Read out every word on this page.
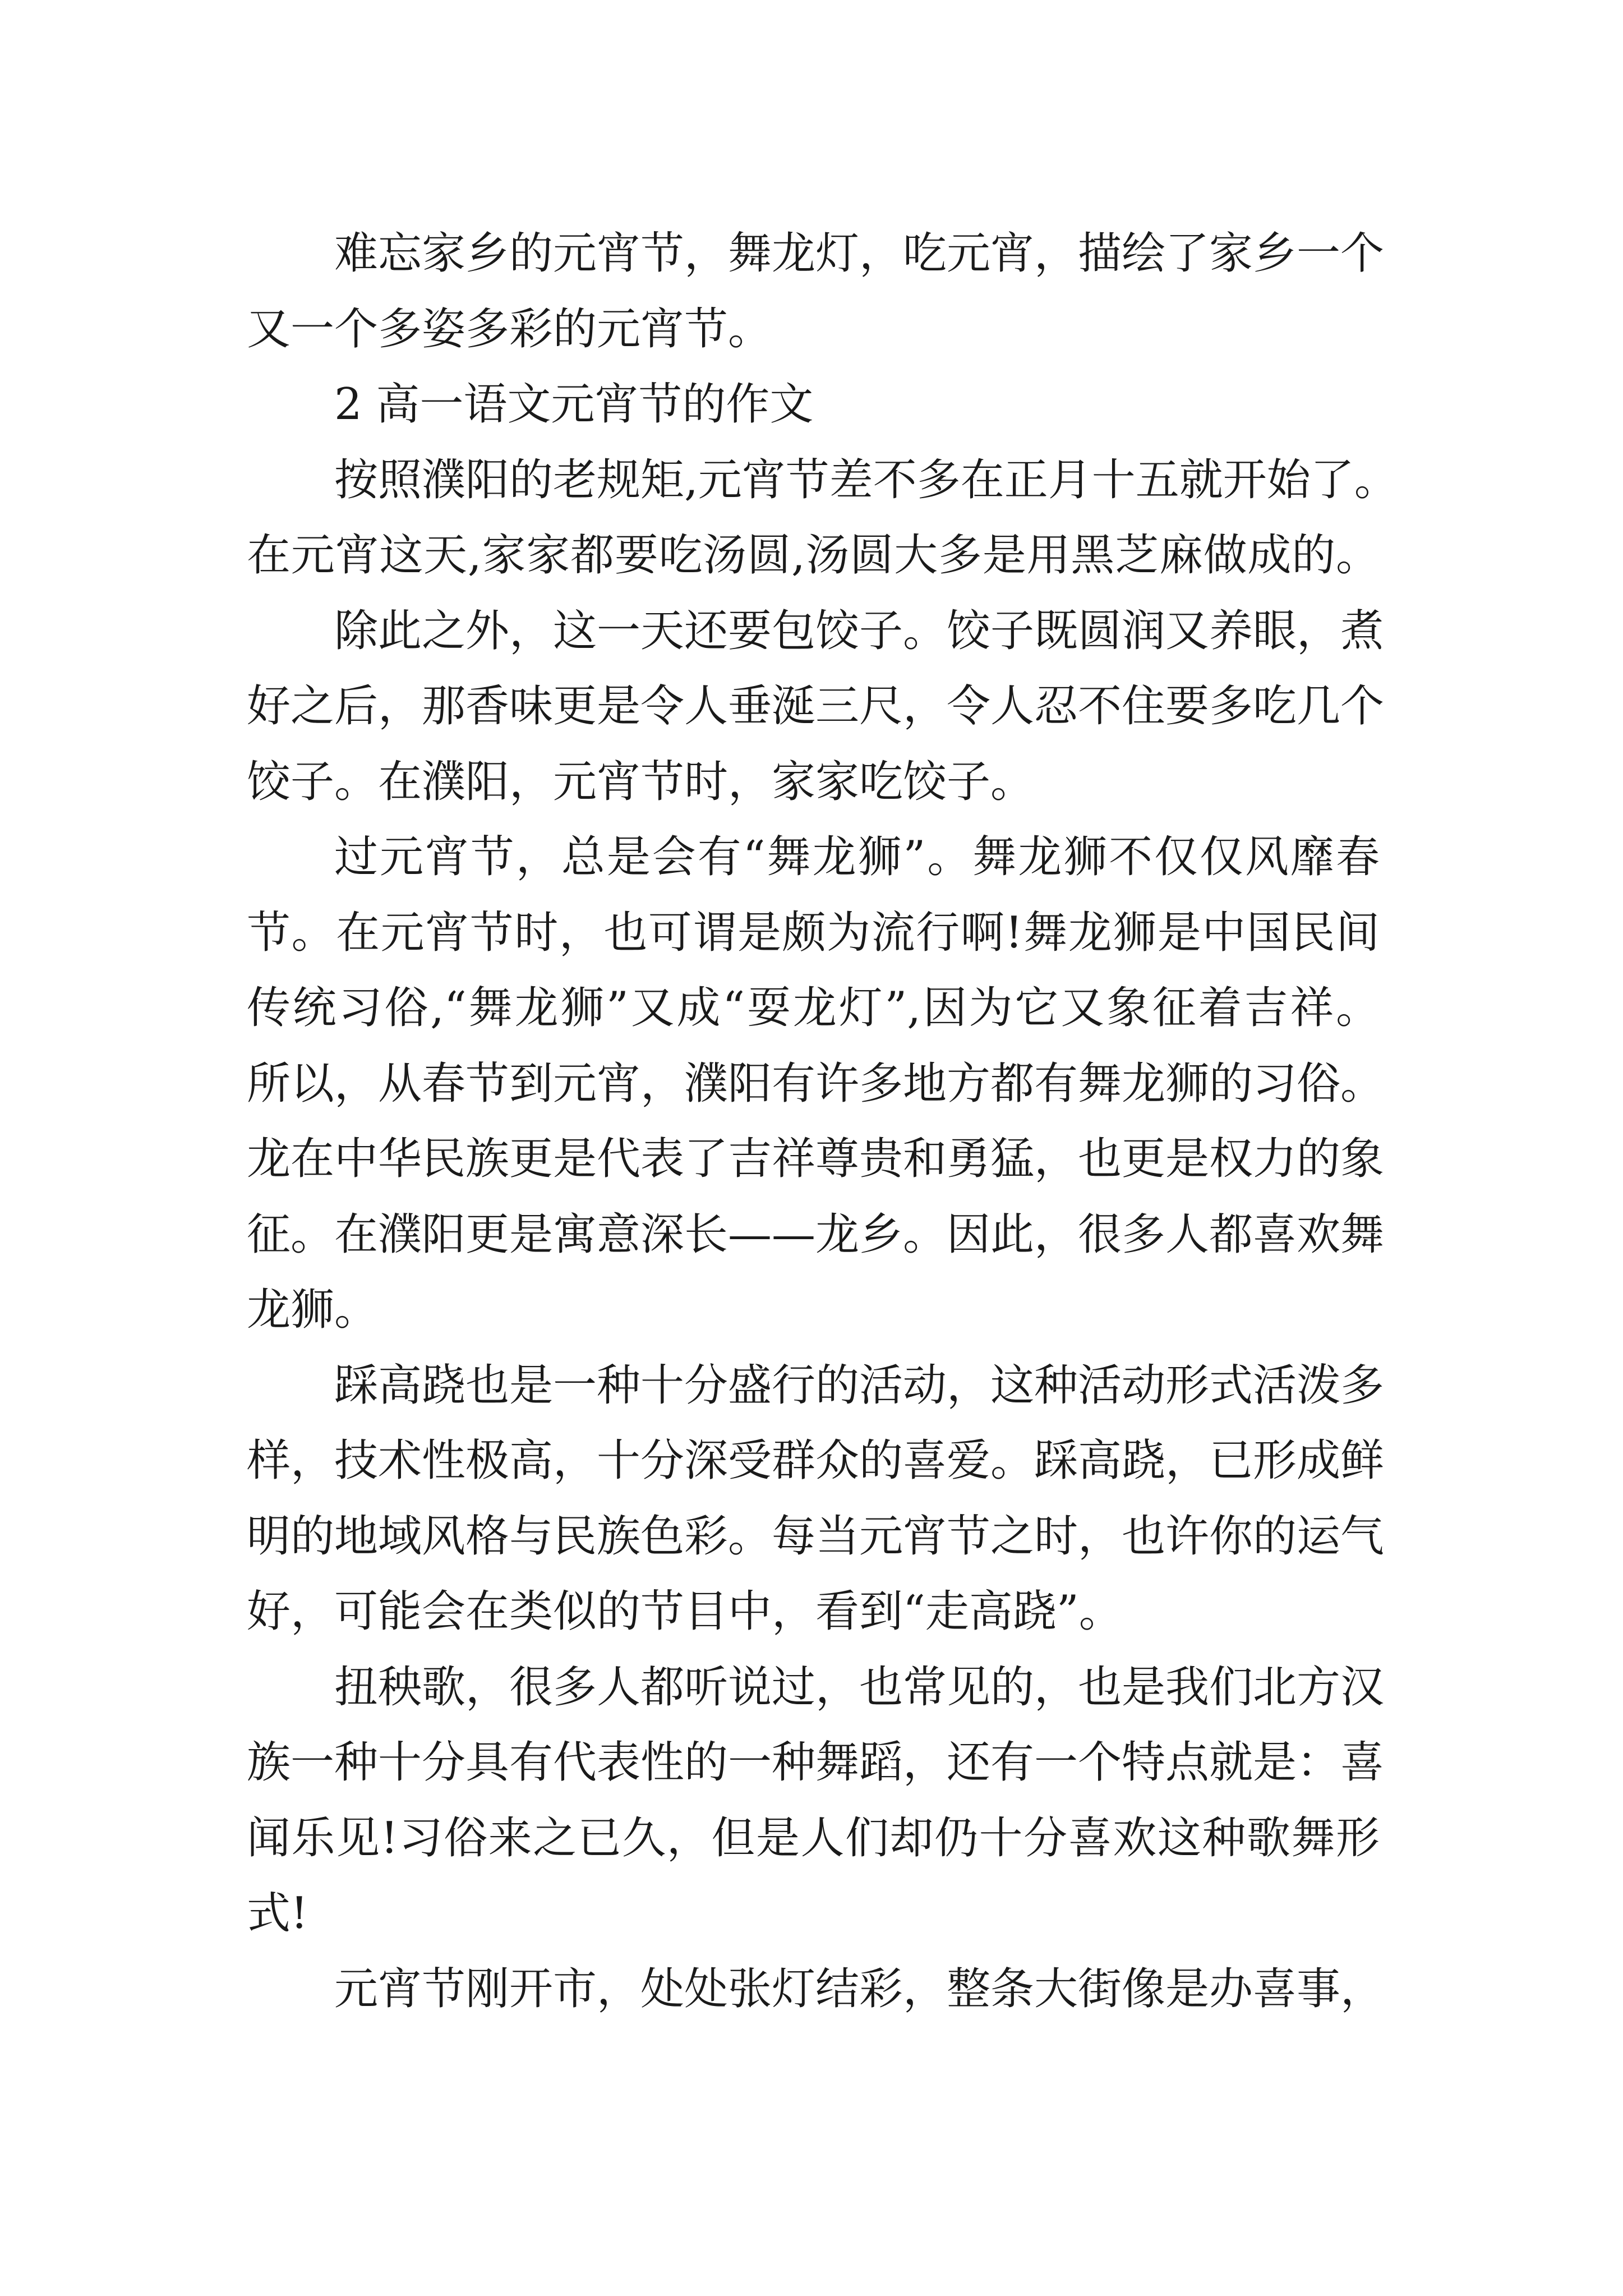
难忘家乡的元宵节，舞龙灯，吃元宵，描绘了家乡一个
又一个多姿多彩的元宵节。
2 高一语文元宵节的作文
按照濮阳的老规矩,元宵节差不多在正月十五就开始了。
在元宵这天,家家都要吃汤圆,汤圆大多是用黑芝麻做成的。
除此之外，这一天还要包饺子。饺子既圆润又养眼，煮
好之后，那香味更是令人垂涎三尺，令人忍不住要多吃几个
饺子。在濮阳，元宵节时，家家吃饺子。
过元宵节，总是会有“舞龙狮”。舞龙狮不仅仅风靡春
节。在元宵节时，也可谓是颇为流行啊!舞龙狮是中国民间
传统习俗,“舞龙狮”又成“耍龙灯”,因为它又象征着吉祥。
所以，从春节到元宵，濮阳有许多地方都有舞龙狮的习俗。
龙在中华民族更是代表了吉祥尊贵和勇猛，也更是权力的象
征。在濮阳更是寓意深长——龙乡。因此，很多人都喜欢舞
龙狮。
踩高跷也是一种十分盛行的活动，这种活动形式活泼多
样，技术性极高，十分深受群众的喜爱。踩高跷，已形成鲜
明的地域风格与民族色彩。每当元宵节之时，也许你的运气
好，可能会在类似的节目中，看到“走高跷”。
扭秧歌，很多人都听说过，也常见的，也是我们北方汉
族一种十分具有代表性的一种舞蹈，还有一个特点就是：喜
闻乐见!习俗来之已久，但是人们却仍十分喜欢这种歌舞形
式!
元宵节刚开市，处处张灯结彩，整条大街像是办喜事，
